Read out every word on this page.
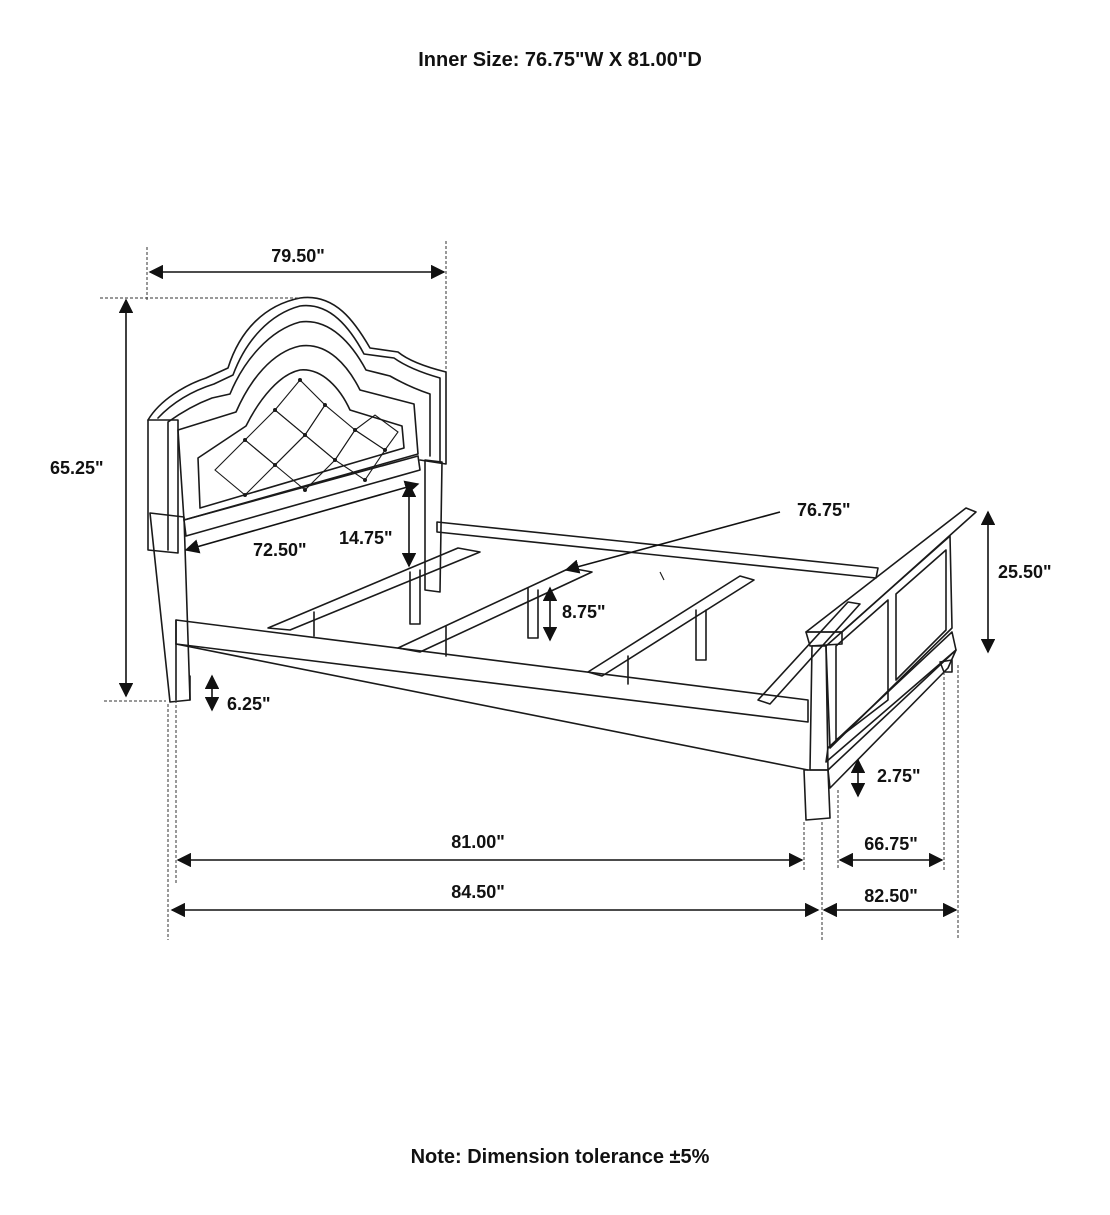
Inner Size: 76.75"W X 81.00"D
Note: Dimension tolerance ±5%
79.50"
65.25"
72.50"
14.75"
76.75"
25.50"
8.75"
6.25"
2.75"
81.00"
84.50"
66.75"
82.50"
